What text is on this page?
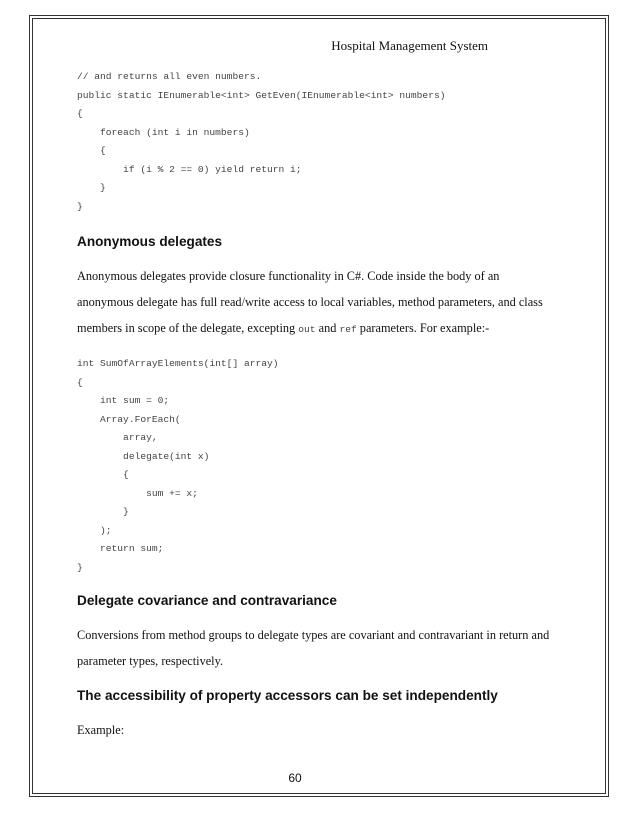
Hospital Management System
// and returns all even numbers.
public static IEnumerable<int> GetEven(IEnumerable<int> numbers)
{
foreach (int i in numbers)
{
if (i % 2 == 0) yield return i;
}
}
Anonymous delegates

Anonymous delegates provide closure functionality in C#. Code inside the body of an

anonymous delegate has full read/write access to local variables, method parameters, and class

members in scope of the delegate, excepting out and ref parameters. For example:-

int SumOfArrayElements(int[] array)
{
int sum = 0;
Array.ForEach(
array,
delegate(int x)
{
sum += x;
}
);
return sum;
}
Delegate covariance and contravariance

Conversions from method groups to delegate types are covariant and contravariant in return and

parameter types, respectively.

The accessibility of property accessors can be set independently

Example:

60
